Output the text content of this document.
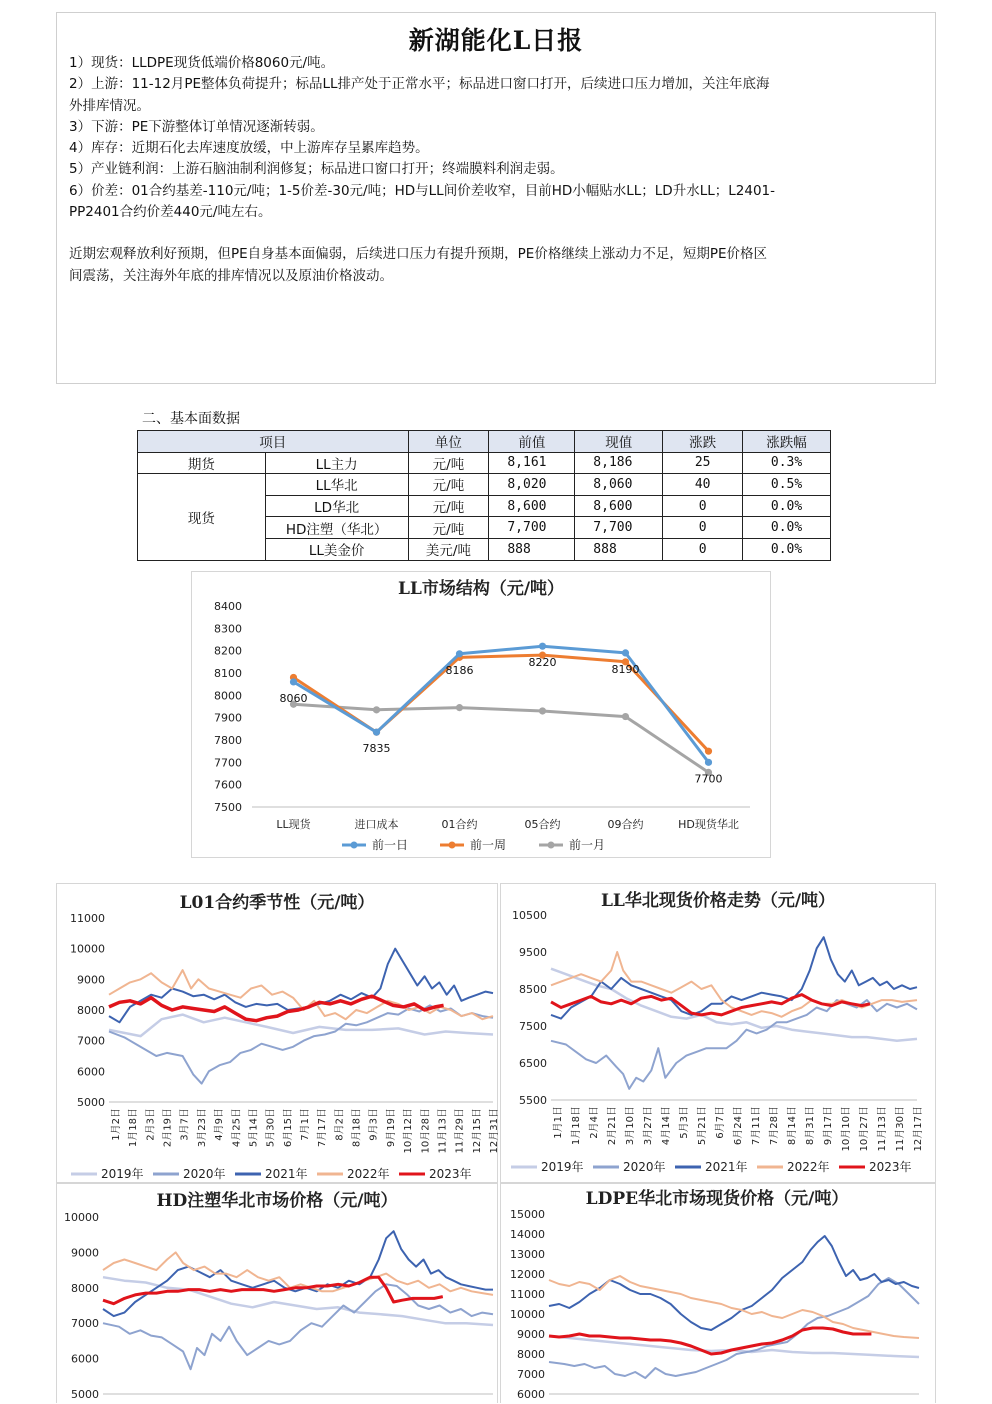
新湖能化L日报

1）现货：LLDPE现货低端价格8060元/吨。

2）上游：11-12月PE整体负荷提升；标品LL排产处于正常水平；标品进口窗口打开，后续进口压力增加，关注年底海

外排库情况。

3）下游：PE下游整体订单情况逐渐转弱。

4）库存：近期石化去库速度放缓，中上游库存呈累库趋势。

5）产业链利润：上游石脑油制利润修复；标品进口窗口打开；终端膜料利润走弱。

6）价差：01合约基差-110元/吨；1-5价差-30元/吨；HD与LL间价差收窄，目前HD小幅贴水LL；LD升水LL；L2401-

PP2401合约价差440元/吨左右。

近期宏观释放利好预期，但PE自身基本面偏弱，后续进口压力有提升预期，PE价格继续上涨动力不足，短期PE价格区

间震荡，关注海外年底的排库情况以及原油价格波动。

二、基本面数据
项目		单位	前值	现值	涨跌	涨跌幅
期货	LL主力	元/吨	8,161	8,186	25	0.3%
现货	LL华北	元/吨	8,020	8,060	40	0.5%
	LD华北	元/吨	8,600	8,600	0	0.0%
	HD注塑（华北）	元/吨	7,700	7,700	0	0.0%
	LL美金价	美元/吨	888	888	0	0.0%
LL市场结构（元/吨）
8400
8300
8200
8100
8000
7900
7800
7700
7600
7500
LL现货	进口成本	01合约	05合约	09合约	HD现货华北
8060
7835
8186
8220
8190
7700
前一日	前一周	前一月
L01合约季节性（元/吨）
11000
10000
9000
8000
7000
6000
5000
1月2日 1月18日 2月3日 2月19日 3月7日 3月23日 4月9日 4月25日 5月14日 5月30日 6月15日 7月1日 7月17日 8月2日 8月18日 9月3日 9月19日 10月12日 10月28日 11月13日 11月29日 12月15日 12月31日
2019年	2020年	2021年	2022年	2023年
LL华北现货价格走势（元/吨）
10500
9500
8500
7500
6500
5500
1月1日 1月18日 2月4日 2月21日 3月10日 3月27日 4月14日 5月3日 5月21日 6月7日 6月24日 7月11日 7月28日 8月14日 8月31日 9月17日 10月10日 10月27日 11月13日 11月30日 12月17日
2019年	2020年	2021年	2022年	2023年
HD注塑华北市场价格（元/吨）
10000
9000
8000
7000
6000
5000
LDPE华北市场现货价格（元/吨）
15000
14000
13000
12000
11000
10000
9000
8000
7000
6000
